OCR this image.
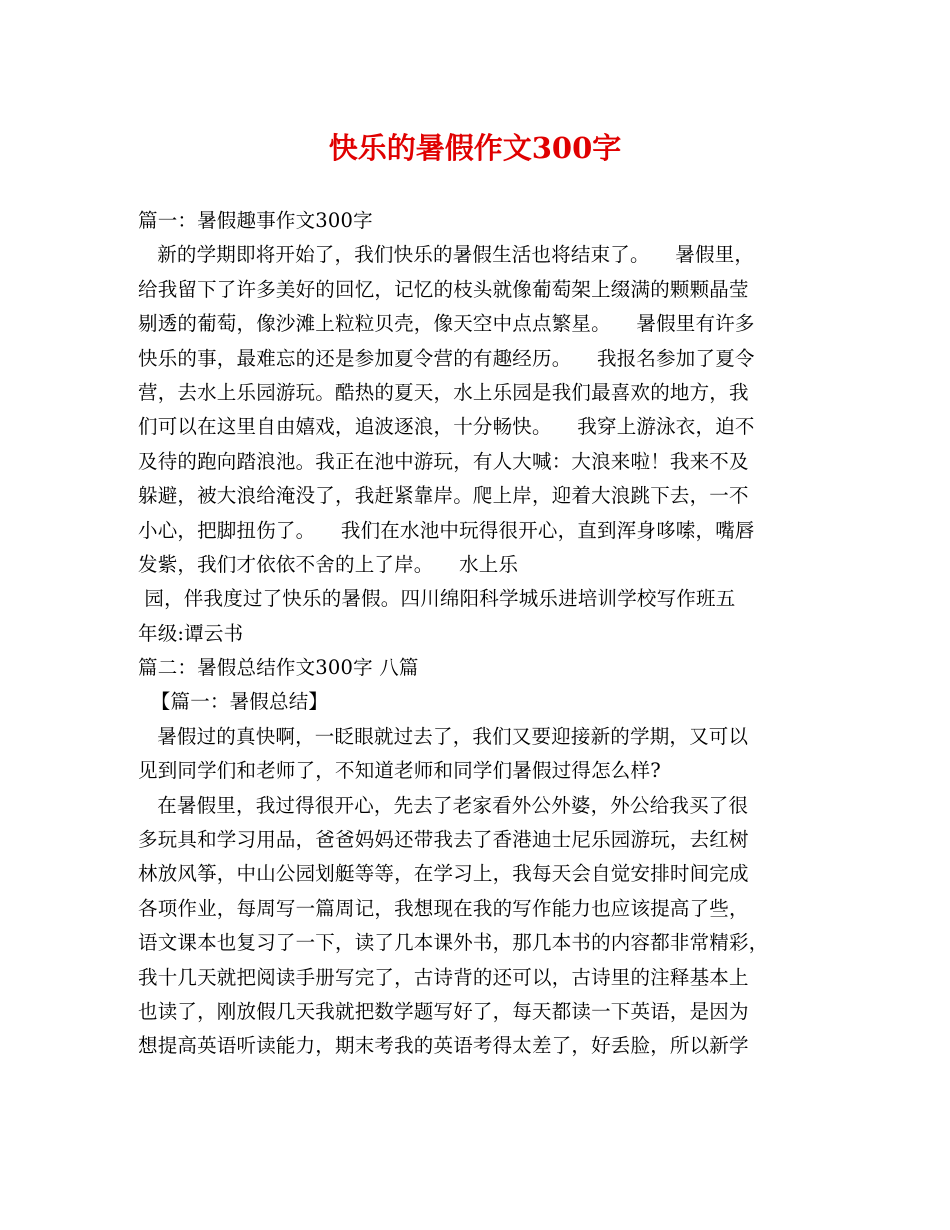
快乐的暑假作文300字
篇一：暑假趣事作文300字
新的学期即将开始了，我们快乐的暑假生活也将结束了。    暑假里，
给我留下了许多美好的回忆，记忆的枝头就像葡萄架上缀满的颗颗晶莹
剔透的葡萄，像沙滩上粒粒贝壳，像天空中点点繁星。    暑假里有许多
快乐的事，最难忘的还是参加夏令营的有趣经历。    我报名参加了夏令
营，去水上乐园游玩。酷热的夏天，水上乐园是我们最喜欢的地方，我
们可以在这里自由嬉戏，追波逐浪，十分畅快。    我穿上游泳衣，迫不
及待的跑向踏浪池。我正在池中游玩，有人大喊：大浪来啦！我来不及
躲避，被大浪给淹没了，我赶紧靠岸。爬上岸，迎着大浪跳下去，一不
小心，把脚扭伤了。    我们在水池中玩得很开心，直到浑身哆嗦，嘴唇
发紫，我们才依依不舍的上了岸。    水上乐
园，伴我度过了快乐的暑假。四川绵阳科学城乐进培训学校写作班五
年级:谭云书
篇二：暑假总结作文300字 八篇
【篇一：暑假总结】
暑假过的真快啊，一眨眼就过去了，我们又要迎接新的学期，又可以
见到同学们和老师了，不知道老师和同学们暑假过得怎么样?
在暑假里，我过得很开心，先去了老家看外公外婆，外公给我买了很
多玩具和学习用品，爸爸妈妈还带我去了香港迪士尼乐园游玩，去红树
林放风筝，中山公园划艇等等，在学习上，我每天会自觉安排时间完成
各项作业，每周写一篇周记，我想现在我的写作能力也应该提高了些，
语文课本也复习了一下，读了几本课外书，那几本书的内容都非常精彩，
我十几天就把阅读手册写完了，古诗背的还可以，古诗里的注释基本上
也读了，刚放假几天我就把数学题写好了，每天都读一下英语，是因为
想提高英语听读能力，期末考我的英语考得太差了，好丢脸，所以新学
